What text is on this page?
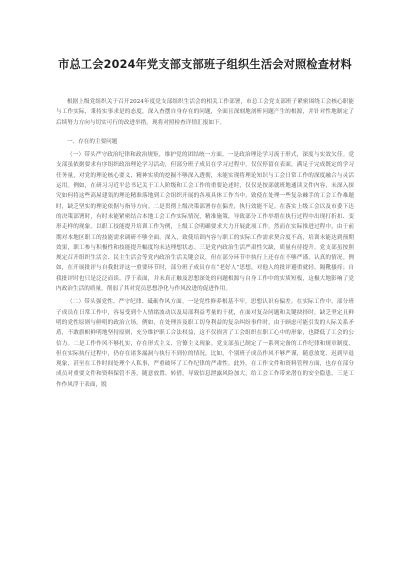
市总工会2024年党支部支部班子组织生活会对照检查材料

根据上级党组织关于召开2024年度党支部组织生活会的相关工作部署，市总工会党支部班子紧密围绕工会核心职能与工作实际，秉持实事求是的态度，深入查摆自身存在的问题，全面且深刻地剖析问题产生的根源，并针对性地制定了后续努力方向与切实可行的改进举措。现将对照检查详情汇报如下。

一、存在的主要问题

（一）带头严守政治纪律和政治规矩，维护党的团结统一方面。一是政治理论学习流于形式，深度与实效欠佳。党支部虽依据要求有序组织政治理论学习活动，但部分班子成员在学习过程中，仅仅停留在表面，满足于完成既定的学习任务量，对党的理论核心要义、精神实质的挖掘不够深入透彻，未能实现将理论知识与工会日常工作的深度融合与灵活运用。例如，在研习习近平总书记关于工人阶级和工会工作的重要论述时，仅仅是按部就班地通读文件内容，未深入探究如何将这些高屋建瓴的理论精准落地到工会组织开展的各项具体工作当中，致使在处理一些复杂棘手的工会工作难题时，缺乏坚实的理论依据与指导方向。二是贯彻上级决策部署存在偏差，执行效能不足。在落实上级工会以及市委下达的决策部署时，有时未能紧密结合本地工会工作实际情况，精准施策，导致部分工作举措在执行过程中出现打折扣、变形走样的现象。以职工技能提升培训工作为例，上级工会明确要求大力开展此项工作，然而在实际推进过程中，由于前期对本地区职工的技能需求调研不够全面、深入，致使培训内容与职工的实际工作需求契合度不高，培训未能达到预期效果，职工参与积极性和技能提升幅度均未达理想状态。三是党内政治生活严肃性欠缺，质量有待提升。党支部虽按照规定召开组织生活会、民主生活会等党内政治生活关键会议，但在部分环节中执行上还存在不够严谨、认真的情况。例如，在开展批评与自我批评这一重要环节时，部分班子成员存在“老好人”思想，对他人的批评避重就轻、隔靴搔痒；自我批评时也只是泛泛而谈、浮于表面，并未真正触及思想深处的问题根源与自身工作中的实质短板，这极大地影响了党内政治生活的质量，削弱了其对党员思想净化与作风改进的促进作用。

（二）带头强党性、严守纪律、砥砺作风方面。一是党性修养根基不牢，思想认识有偏差。在实际工作中，部分班子成员在日常工作中，容易受到个人情绪波动以及局部利益考量的干扰，在面对复杂问题和关键抉择时，缺乏坚定且鲜明的党性原则与鲜明的政治立场。例如，在处理涉及职工切身利益的复杂纠纷事件时，由于顾虑可能引发的人际关系矛盾，不敢旗帜鲜明地坚持原则，充分维护职工合法权益，这不仅损害了工会组织在职工心中的形象，也降低了工会的公信力。二是工作作风不够扎实，存在形式主义、官僚主义现象。党支部虽已制定了一系列完备的工作纪律和规章制度，但在实际执行过程中，仍存在诸多漏洞与执行不到位的情况，比如，个别班子成员作风不够严谨，随意放宽、迟到早退现象，甚至在工作时间处理个人私事，严重破坏了工作纪律的严肃性。此外，在工作文件和资料管理方面，也存在部分成员对重要文件和资料保管不善，随意放置、转借，导致信息泄露风险加大，给工会工作带来潜在的安全隐患。三是工作作风浮于表面，脱
